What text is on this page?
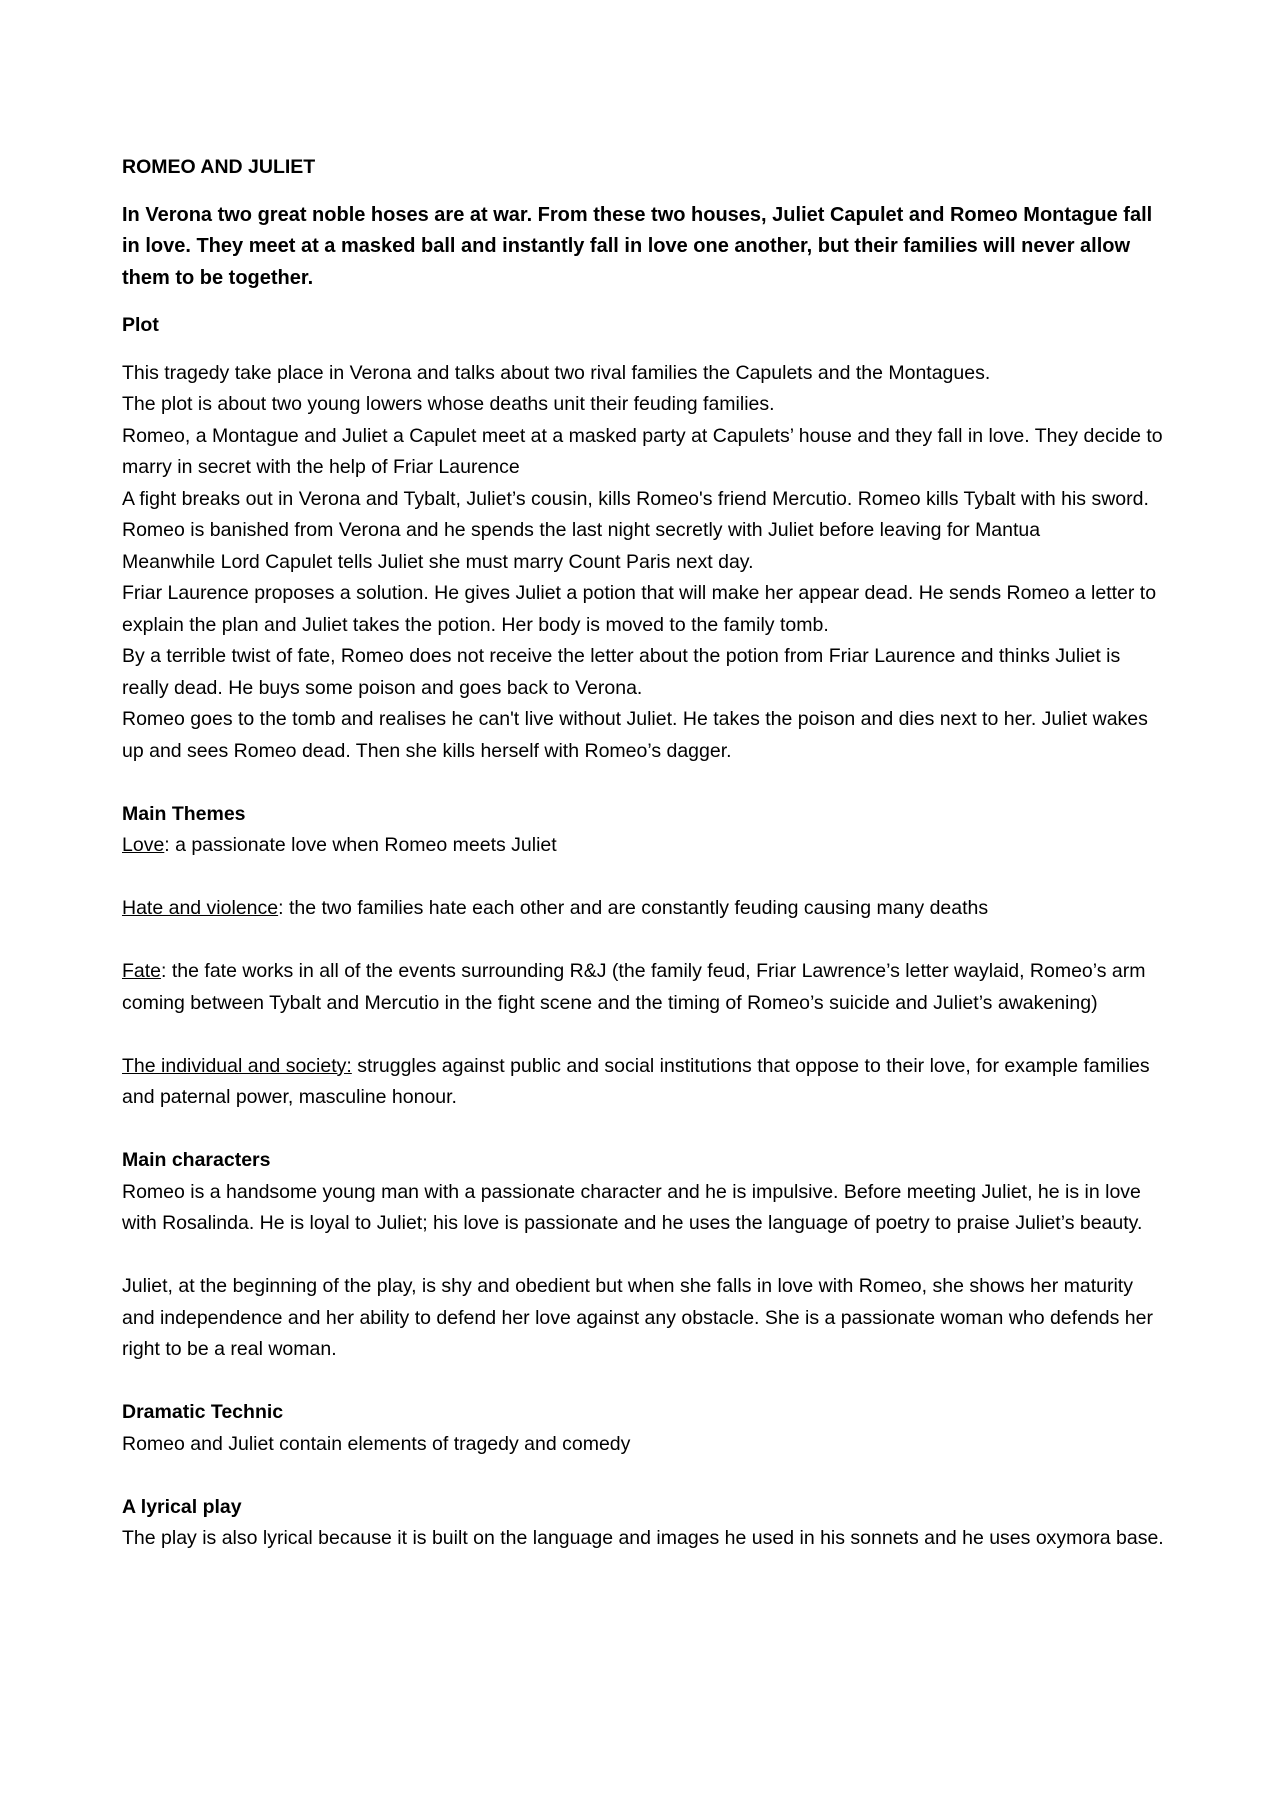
ROMEO AND JULIET

In Verona two great noble hoses are at war. From these two houses, Juliet Capulet and Romeo Montague fall in love. They meet at a masked ball and instantly fall in love one another, but their families will never allow them to be together.

Plot

This tragedy take place in Verona and talks about two rival families the Capulets and the Montagues.

The plot is about two young lowers whose deaths unit their feuding families.

Romeo, a Montague and Juliet a Capulet meet at a masked party at Capulets’ house and they fall in love. They decide to marry in secret with the help of Friar Laurence

A fight breaks out in Verona and Tybalt, Juliet’s cousin, kills Romeo's friend Mercutio. Romeo kills Tybalt with his sword. Romeo is banished from Verona and he spends the last night secretly with Juliet before leaving for Mantua

Meanwhile Lord Capulet tells Juliet she must marry Count Paris next day.

Friar Laurence proposes a solution. He gives Juliet a potion that will make her appear dead. He sends Romeo a letter to explain the plan and Juliet takes the potion. Her body is moved to the family tomb.

By a terrible twist of fate, Romeo does not receive the letter about the potion from Friar Laurence and thinks Juliet is really dead. He buys some poison and goes back to Verona.

Romeo goes to the tomb and realises he can't live without Juliet. He takes the poison and dies next to her. Juliet wakes up and sees Romeo dead. Then she kills herself with Romeo’s dagger.

Main Themes

Love: a passionate love when Romeo meets Juliet

Hate and violence: the two families hate each other and are constantly feuding causing many deaths

Fate: the fate works in all of the events surrounding R&J (the family feud, Friar Lawrence’s letter waylaid, Romeo’s arm coming between Tybalt and Mercutio in the fight scene and the timing of Romeo’s suicide and Juliet’s awakening)

The individual and society: struggles against public and social institutions that oppose to their love, for example families and paternal power, masculine honour.

Main characters

Romeo is a handsome young man with a passionate character and he is impulsive. Before meeting Juliet, he is in love with Rosalinda. He is loyal to Juliet; his love is passionate and he uses the language of poetry to praise Juliet’s beauty.

Juliet, at the beginning of the play, is shy and obedient but when she falls in love with Romeo, she shows her maturity and independence and her ability to defend her love against any obstacle. She is a passionate woman who defends her right to be a real woman.

Dramatic Technic

Romeo and Juliet contain elements of tragedy and comedy

A lyrical play

The play is also lyrical because it is built on the language and images he used in his sonnets and he uses oxymora base.
